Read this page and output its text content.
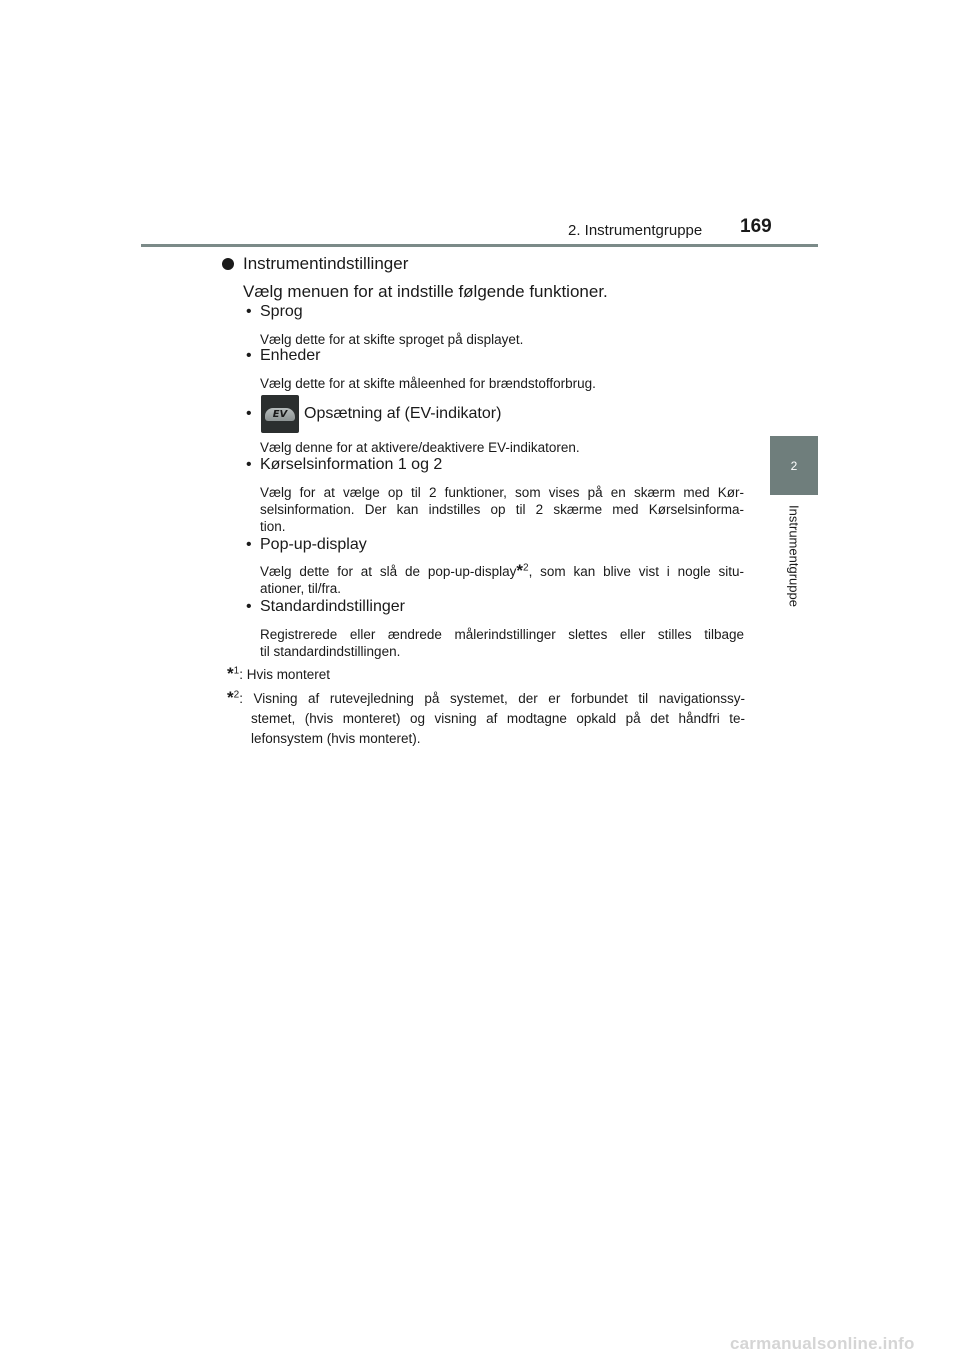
2. Instrumentgruppe 169
2
Instrumentgruppe
Instrumentindstillinger
Vælg menuen for at indstille følgende funktioner.
• Sprog
Vælg dette for at skifte sproget på displayet.
• Enheder
Vælg dette for at skifte måleenhed for brændstofforbrug.
•	EV Opsætning af (EV-indikator)
Vælg denne for at aktivere/deaktivere EV-indikatoren.
• Kørselsinformation 1 og 2
Vælg for at vælge op til 2 funktioner, som vises på en skærm med Kør-
selsinformation. Der kan indstilles op til 2 skærme med Kørselsinforma-
tion.
• Pop-up-display
Vælg dette for at slå de pop-up-display*$^2$, som kan blive vist i nogle situ-
ationer, til/fra.
• Standardindstillinger
Registrerede eller ændrede målerindstillinger slettes eller stilles tilbage
til standardindstillingen.
*$^1$: Hvis monteret
*$^2$: Visning af rutevejledning på systemet, der er forbundet til navigationssy-
stemet, (hvis monteret) og visning af modtagne opkald på det håndfri te-
lefonsystem (hvis monteret).
carmanualsonline.info
